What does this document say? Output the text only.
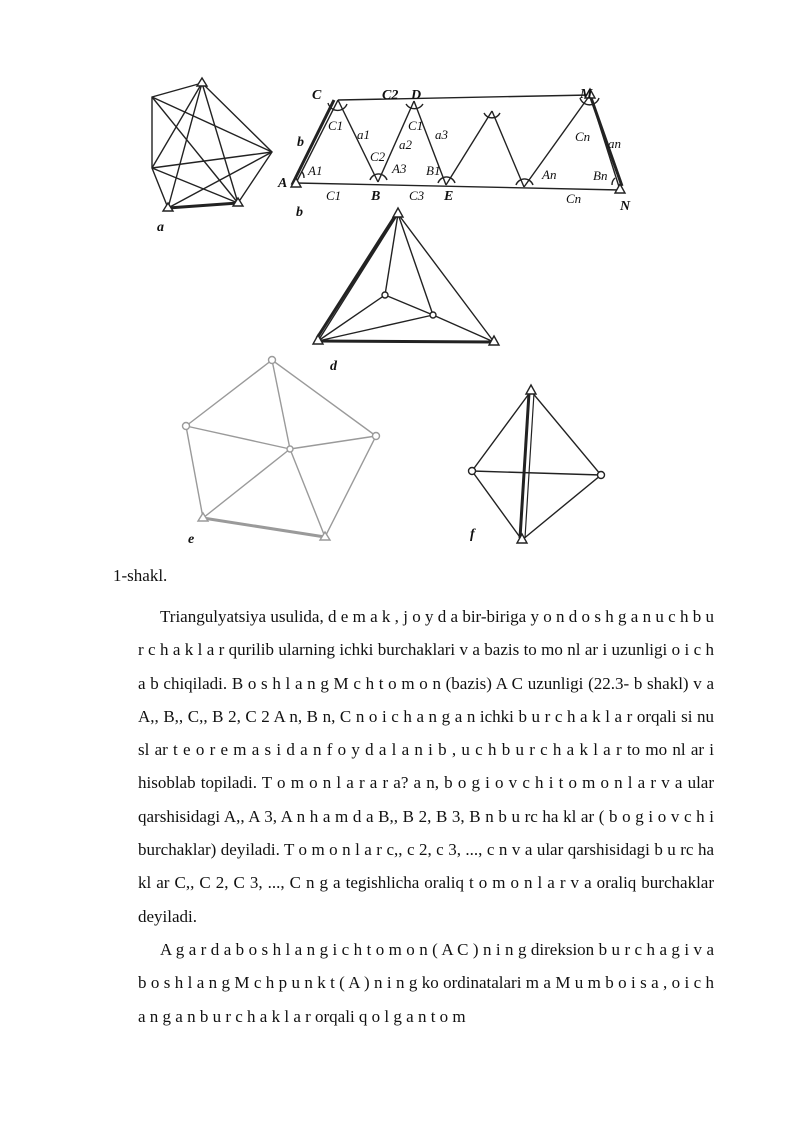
a
C	C2 D	M
b
C1
a1
C1
a3	Cn an
a2
C2
A1	A3 B1	An	Bn
A
C1 B C3 E	Cn
N
b
d
e	f
1-shakl.

Triangulyatsiya usulida, d e m a k , j o y d a bir-biriga y o n d o s h g a n u c h b u r c h a k l a r qurilib ularning ichki burchaklari v a bazis to mo nl ar i uzunligi o i c h a b chiqiladi. B o s h l a n g M c h t o m o n (bazis) A C uzunligi (22.3- b shakl) v a A,, B,, C,, B 2, C 2 A n, B n, C n o i c h a n g a n ichki b u r c h a k l a r orqali si nu sl ar t e o r e m a s i d a n f o y d a l a n i b , u c h b u r c h a k l a r to mo nl ar i hisoblab topiladi. T o m o n l a r a r a? a n, b o g i o v c h i t o m o n l a r v a ular qarshisidagi A,, A 3, A n h a m d a B,, B 2, B 3, B n b u rc ha kl ar ( b o g i o v c h i burchaklar) deyiladi. T o m o n l a r c,, c 2, c 3, ..., c n v a ular qarshisidagi b u rc ha kl ar C,, C 2, C 3, ..., C n g a tegishlicha oraliq t o m o n l a r v a oraliq burchaklar deyiladi.

A g a r d a b o s h l a n g i c h t o m o n ( A C ) n i n g direksion b u r c h a g i v a b o s h l a n g M c h p u n k t ( A ) n i n g ko ordinatalari m a M u m b o i s a , o i c h a n g a n b u r c h a k l a r orqali q o l g a n t o m
